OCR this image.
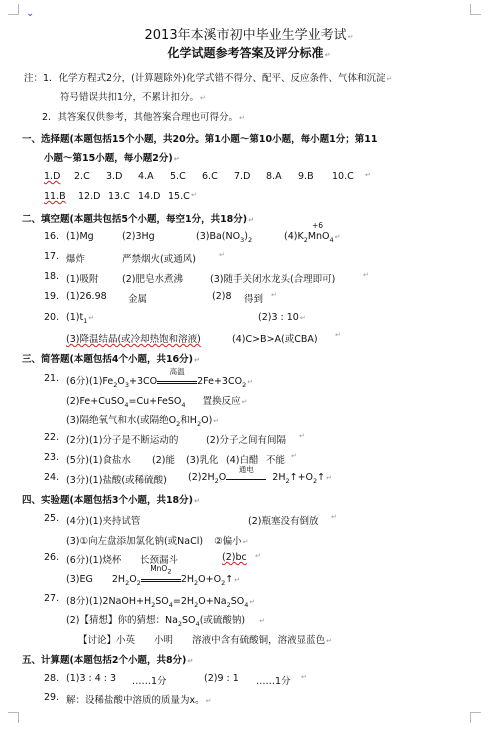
⌄
2013年本溪市初中毕业生学业考试↵
化学试题参考答案及评分标准↵
注：1．化学方程式2分，(计算题除外)化学式错不得分、配平、反应条件、气体和沉淀↵
符号错误共扣1分，不累计扣分。↵
2．其答案仅供参考，其他答案合理也可得分。↵
一、选择题(本题包括15个小题，共20分。第1小题～第10小题，每小题1分；第11
小题～第15小题，每小题2分)↵
1.D 2.C 3.D 4.A 5.C 6.C 7.D 8.A 9.B 10.C ↵
11.B 12.D 13.C 14.D 15.C ↵
二、填空题(本题共包括5个小题，每空1分，共18分)↵
+6
16. (1)Mg	(2)3Hg	$(3)Ba(NO_3)_2$	$(4)K_2MnO_4↵$
17. 爆炸	严禁烟火(或通风)	↵
18. (1)吸附 (2)肥皂水煮沸	(3)随手关闭水龙头(合理即可)	↵
19. (1)26.98 金属	(2)8 得到 ↵
20. $(1)t_1↵$	(2)3 : 10↵
(3)降温结晶(或冷却热饱和溶液)	(4)C>B>A(或CBA) ↵
三、简答题(本题包括4个小题，共16分)↵
21. (6分)$(1)Fe_2O_3+3CO$
高温
$2Fe+3CO_2↵$
(2)Fe+CuSO$_4$=Cu+FeSO$_4$ 置换反应↵
(3)隔绝氧气和水(或隔绝$O_2$和$H_2O)↵$
22. (2分)(1)分子是不断运动的	(2)分子之间有间隔 ↵
23. (5分)(1)食盐水 (2)能 (3)乳化 (4)白醋 不能 ↵
24. (3分)(1)盐酸(或稀硫酸) $(2)2H_2O$
通电
$2H_2↑+O_2↑↵$
四、实验题(本题包括3个小题，共18分)↵
25. (4分)(1)夹持试管	(2)瓶塞没有倒放 ↵
(3)①向左盘添加氯化钠(或NaCl) ②偏小↵
26. (6分)(1)烧杯 长颈漏斗	(2)bc ↵
(3)EG $2H_2O_2$
MnO$_2$
$2H_2O+O_2↑↵$
27. (8分)$(1)2NaOH+H_2SO_4=2H_2O+Na_2SO_4↵$
(2)【猜想】你的猜想：$Na_2SO_4$(或硫酸钠) ↵
【讨论】小英 小明 溶液中含有硫酸铜，溶液显蓝色↵
五、计算题(本题包括2个小题，共8分)↵
28. (1)3 : 4 : 3 ……1分	(2)9 : 1 ……1分 ↵
29. 解：设稀盐酸中溶质的质量为x。↵
